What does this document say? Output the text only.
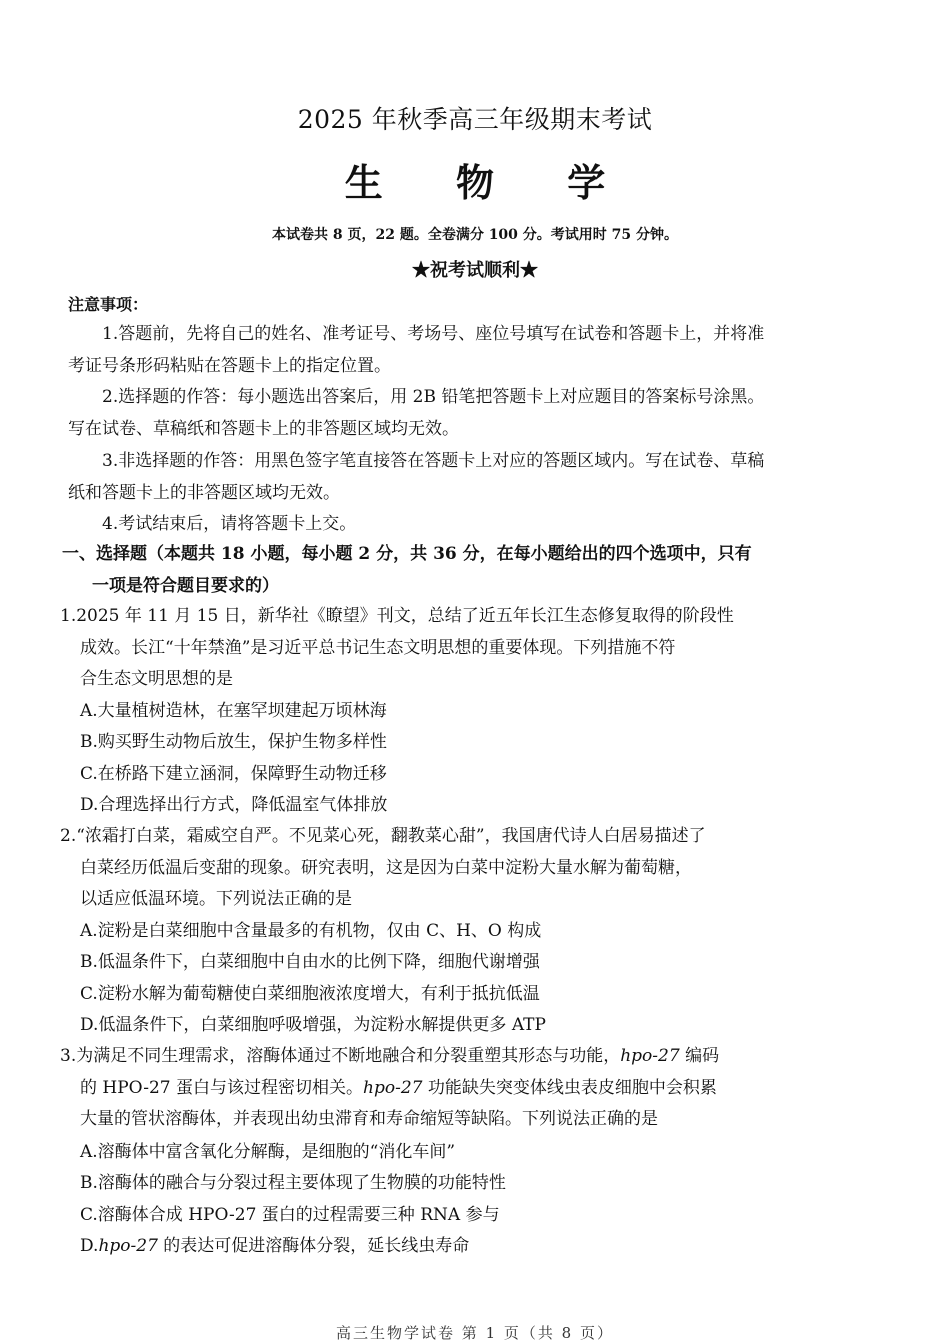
2025 年秋季高三年级期末考试
生 物 学
本试卷共 8 页，22 题。全卷满分 100 分。考试用时 75 分钟。
★祝考试顺利★
注意事项：
1.答题前，先将自己的姓名、准考证号、考场号、座位号填写在试卷和答题卡上，并将准考证号条形码粘贴在答题卡上的指定位置。
2.选择题的作答：每小题选出答案后，用 2B 铅笔把答题卡上对应题目的答案标号涂黑。写在试卷、草稿纸和答题卡上的非答题区域均无效。
3.非选择题的作答：用黑色签字笔直接答在答题卡上对应的答题区域内。写在试卷、草稿纸和答题卡上的非答题区域均无效。
4.考试结束后，请将答题卡上交。
一、选择题（本题共 18 小题，每小题 2 分，共 36 分，在每小题给出的四个选项中，只有
一项是符合题目要求的）
1.2025 年 11 月 15 日，新华社《瞭望》刊文，总结了近五年长江生态修复取得的阶段性
成效。长江“十年禁渔”是习近平总书记生态文明思想的重要体现。下列措施不符
合生态文明思想的是
A.大量植树造林，在塞罕坝建起万顷林海
B.购买野生动物后放生，保护生物多样性
C.在桥路下建立涵洞，保障野生动物迁移
D.合理选择出行方式，降低温室气体排放
2.“浓霜打白菜，霜威空自严。不见菜心死，翻教菜心甜”，我国唐代诗人白居易描述了
白菜经历低温后变甜的现象。研究表明，这是因为白菜中淀粉大量水解为葡萄糖，
以适应低温环境。下列说法正确的是
A.淀粉是白菜细胞中含量最多的有机物，仅由 C、H、O 构成
B.低温条件下，白菜细胞中自由水的比例下降，细胞代谢增强
C.淀粉水解为葡萄糖使白菜细胞液浓度增大，有利于抵抗低温
D.低温条件下，白菜细胞呼吸增强，为淀粉水解提供更多 ATP
3.为满足不同生理需求，溶酶体通过不断地融合和分裂重塑其形态与功能，hpo-27 编码
的 HPO-27 蛋白与该过程密切相关。hpo-27 功能缺失突变体线虫表皮细胞中会积累
大量的管状溶酶体，并表现出幼虫滞育和寿命缩短等缺陷。下列说法正确的是
A.溶酶体中富含氧化分解酶，是细胞的“消化车间”
B.溶酶体的融合与分裂过程主要体现了生物膜的功能特性
C.溶酶体合成 HPO-27 蛋白的过程需要三种 RNA 参与
D.hpo-27 的表达可促进溶酶体分裂，延长线虫寿命
高三生物学试卷 第 1 页（共 8 页）
